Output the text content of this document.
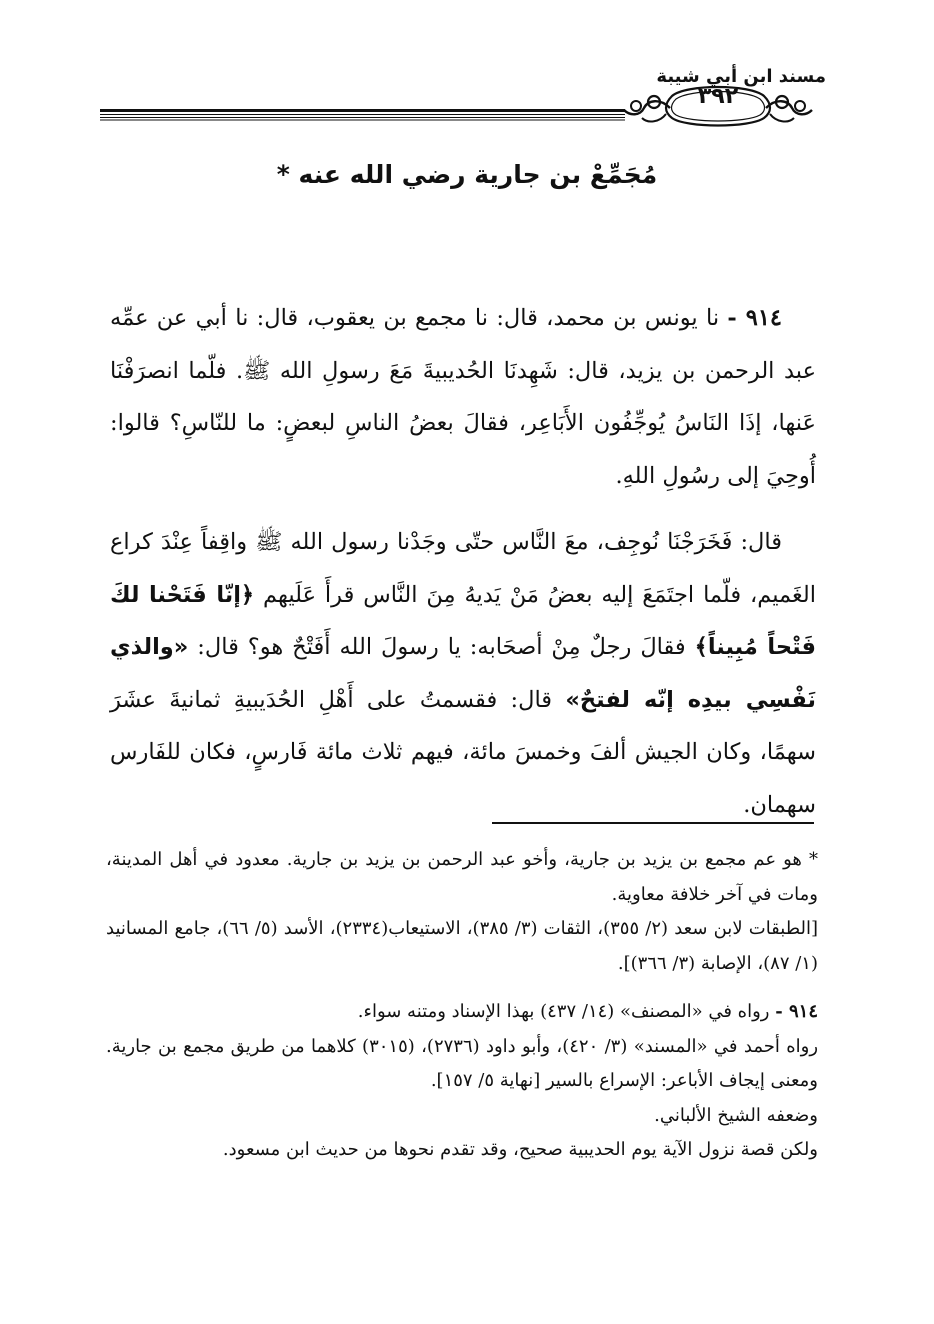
مسند ابن أبي شيبة
٣٩٢
مُجَمِّعْ بن جارية رضي الله عنه *

٩١٤ - نا يونس بن محمد، قال: نا مجمع بن يعقوب، قال: نا أبي عن عمِّه عبد الرحمن بن يزيد، قال: شَهِدنَا الحُديبيةَ مَعَ رسولِ الله ﷺ. فلّما انصرَفْنَا عَنها، إذَا النَاسُ يُوجِّفُون الأَبَاعِر، فقالَ بعضُ الناسِ لبعضٍ: ما للنّاسِ؟ قالوا: أُوحِيَ إلى رسُولِ اللهِ.

قال: فَخَرَجْنَا نُوجِف، معَ النَّاس حتّى وجَدْنا رسول الله ﷺ واقِفاً عِنْدَ كراع الغَميم، فلّما اجتَمَعَ إليه بعضُ مَنْ يَديهُ مِنَ النَّاس قرأَ عَلَيهم ﴿إنّا فَتَحْنا لكَ فَتْحاً مُبِيناً﴾ فقالَ رجلٌ مِنْ أصحَابه: يا رسولَ الله أَفَتْحٌ هو؟ قال: «والذي نَفْسِي بيدِه إنّه لفتحٌ» قال: فقسمتُ على أَهْلِ الحُدَيبيةِ ثمانيةَ عشَرَ سهمًا، وكان الجيش ألفَ وخمسَ مائة، فيهم ثلاث مائة فَارسٍ، فكان للفَارس سهمان.

* هو عم مجمع بن يزيد بن جارية، وأخو عبد الرحمن بن يزيد بن جارية. معدود في أهل المدينة، ومات في آخر خلافة معاوية.

[الطبقات لابن سعد (٢/ ٣٥٥)، الثقات (٣/ ٣٨٥)، الاستيعاب(٢٣٣٤)، الأسد (٥/ ٦٦)، جامع المسانيد (١/ ٨٧)، الإصابة (٣/ ٣٦٦)].

٩١٤ - رواه في «المصنف» (١٤/ ٤٣٧) بهذا الإسناد ومتنه سواء.

رواه أحمد في «المسند» (٣/ ٤٢٠)، وأبو داود (٢٧٣٦)، (٣٠١٥) كلاهما من طريق مجمع بن جارية. ومعنى إيجاف الأباعر: الإسراع بالسير [نهاية ٥/ ١٥٧].

وضعفه الشيخ الألباني.

ولكن قصة نزول الآية يوم الحديبية صحيح، وقد تقدم نحوها من حديث ابن مسعود.
